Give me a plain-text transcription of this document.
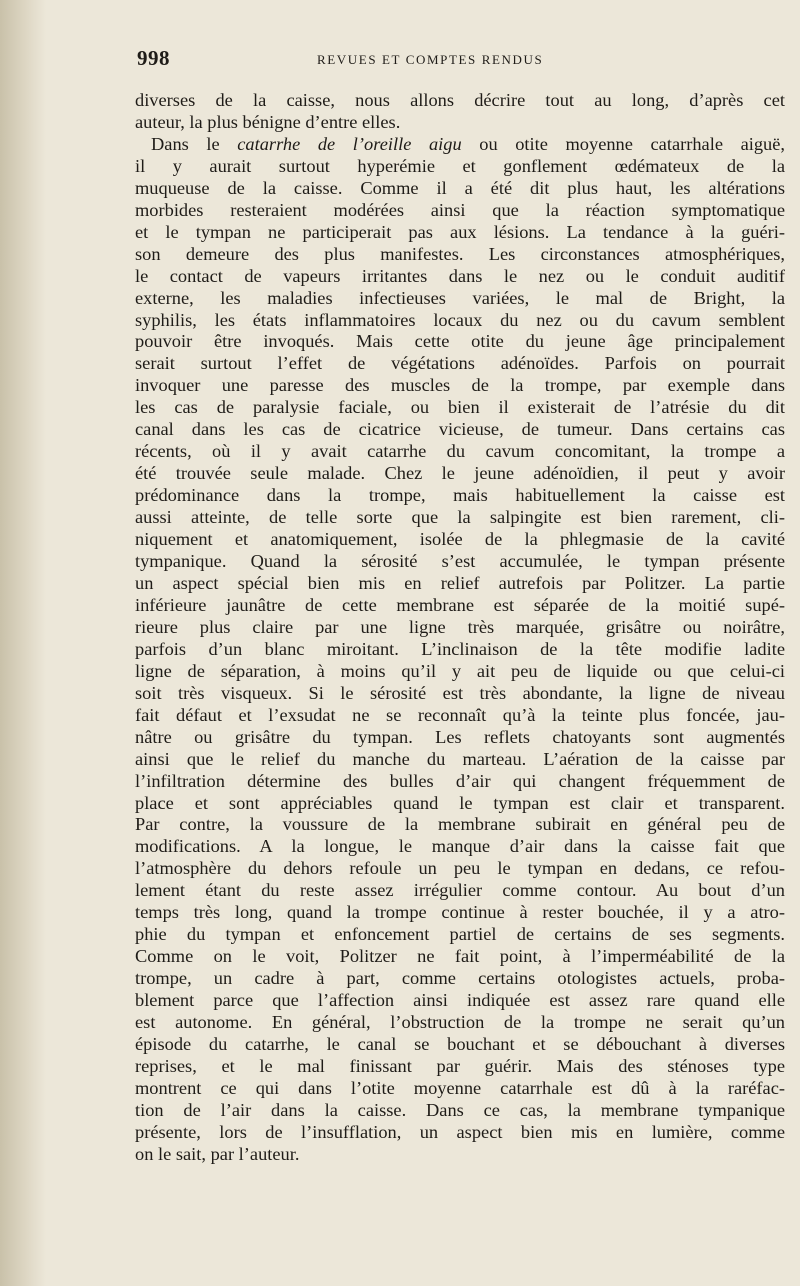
998	REVUES ET COMPTES RENDUS
diverses de la caisse, nous allons décrire tout au long, d’après cet
auteur, la plus bénigne d’entre elles.
Dans le catarrhe de l’oreille aigu ou otite moyenne catarrhale aiguë,
il y aurait surtout hyperémie et gonflement œdémateux de la
muqueuse de la caisse. Comme il a été dit plus haut, les altérations
morbides resteraient modérées ainsi que la réaction symptomatique
et le tympan ne participerait pas aux lésions. La tendance à la guéri-
son demeure des plus manifestes. Les circonstances atmosphériques,
le contact de vapeurs irritantes dans le nez ou le conduit auditif
externe, les maladies infectieuses variées, le mal de Bright, la
syphilis, les états inflammatoires locaux du nez ou du cavum semblent
pouvoir être invoqués. Mais cette otite du jeune âge principalement
serait surtout l’effet de végétations adénoïdes. Parfois on pourrait
invoquer une paresse des muscles de la trompe, par exemple dans
les cas de paralysie faciale, ou bien il existerait de l’atrésie du dit
canal dans les cas de cicatrice vicieuse, de tumeur. Dans certains cas
récents, où il y avait catarrhe du cavum concomitant, la trompe a
été trouvée seule malade. Chez le jeune adénoïdien, il peut y avoir
prédominance dans la trompe, mais habituellement la caisse est
aussi atteinte, de telle sorte que la salpingite est bien rarement, cli-
niquement et anatomiquement, isolée de la phlegmasie de la cavité
tympanique. Quand la sérosité s’est accumulée, le tympan présente
un aspect spécial bien mis en relief autrefois par Politzer. La partie
inférieure jaunâtre de cette membrane est séparée de la moitié supé-
rieure plus claire par une ligne très marquée, grisâtre ou noirâtre,
parfois d’un blanc miroitant. L’inclinaison de la tête modifie ladite
ligne de séparation, à moins qu’il y ait peu de liquide ou que celui-ci
soit très visqueux. Si le sérosité est très abondante, la ligne de niveau
fait défaut et l’exsudat ne se reconnaît qu’à la teinte plus foncée, jau-
nâtre ou grisâtre du tympan. Les reflets chatoyants sont augmentés
ainsi que le relief du manche du marteau. L’aération de la caisse par
l’infiltration détermine des bulles d’air qui changent fréquemment de
place et sont appréciables quand le tympan est clair et transparent.
Par contre, la voussure de la membrane subirait en général peu de
modifications. A la longue, le manque d’air dans la caisse fait que
l’atmosphère du dehors refoule un peu le tympan en dedans, ce refou-
lement étant du reste assez irrégulier comme contour. Au bout d’un
temps très long, quand la trompe continue à rester bouchée, il y a atro-
phie du tympan et enfoncement partiel de certains de ses segments.
Comme on le voit, Politzer ne fait point, à l’imperméabilité de la
trompe, un cadre à part, comme certains otologistes actuels, proba-
blement parce que l’affection ainsi indiquée est assez rare quand elle
est autonome. En général, l’obstruction de la trompe ne serait qu’un
épisode du catarrhe, le canal se bouchant et se débouchant à diverses
reprises, et le mal finissant par guérir. Mais des sténoses type
montrent ce qui dans l’otite moyenne catarrhale est dû à la raréfac-
tion de l’air dans la caisse. Dans ce cas, la membrane tympanique
présente, lors de l’insufflation, un aspect bien mis en lumière, comme
on le sait, par l’auteur.
